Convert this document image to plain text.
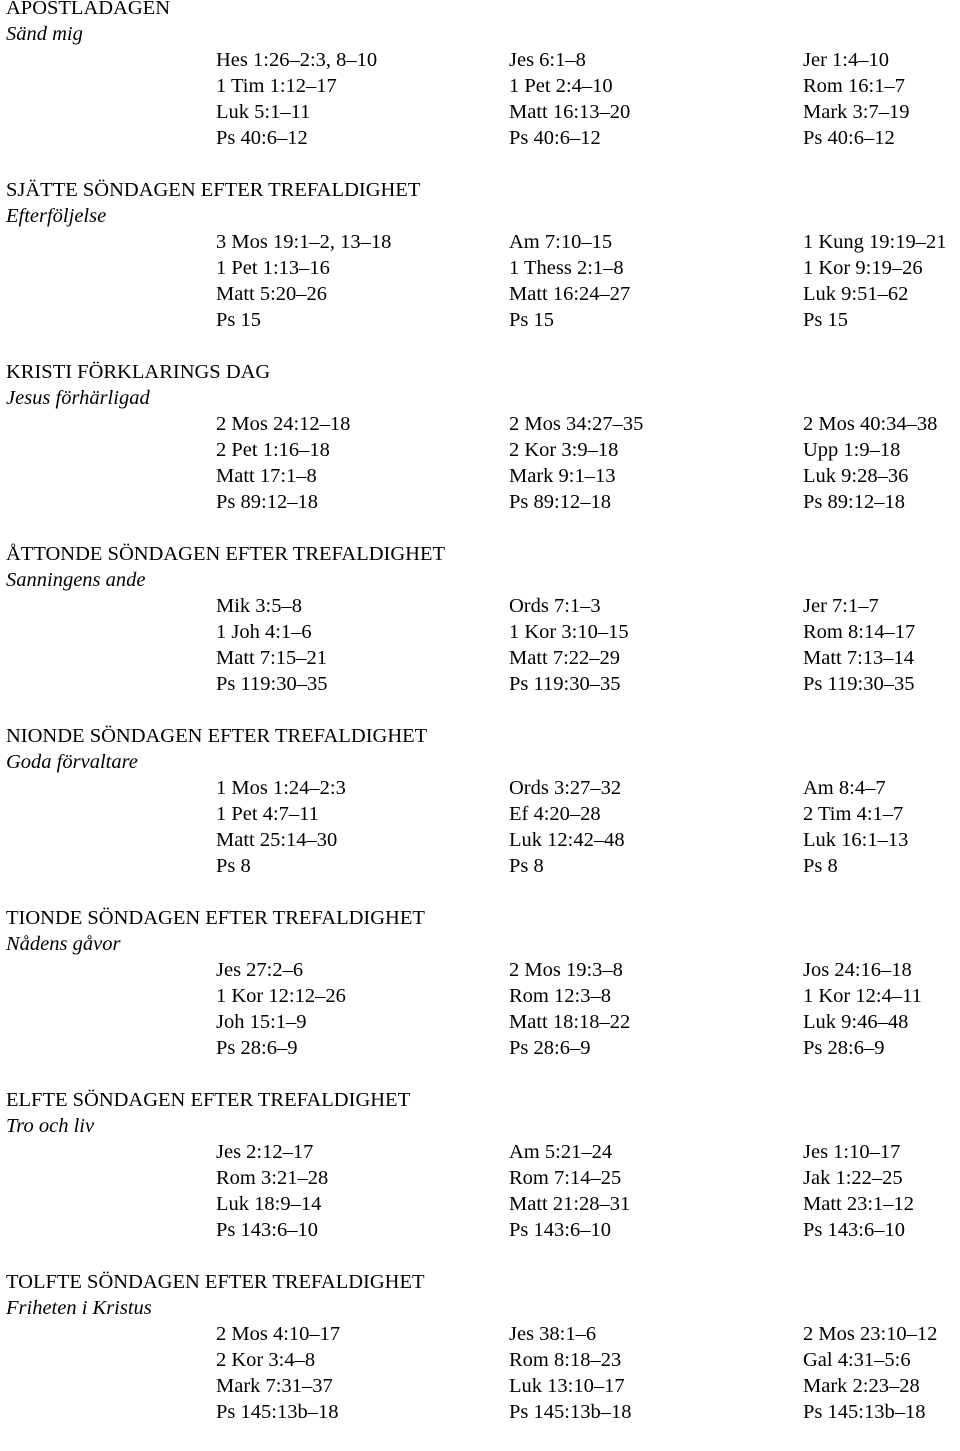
APOSTLADAGEN
Sänd mig
Hes 1:26–2:3, 8–10	Jes 6:1–8	Jer 1:4–10
1 Tim 1:12–17	1 Pet 2:4–10	Rom 16:1–7
Luk 5:1–11	Matt 16:13–20	Mark 3:7–19
Ps 40:6–12	Ps 40:6–12	Ps 40:6–12
SJÄTTE SÖNDAGEN EFTER TREFALDIGHET
Efterföljelse
3 Mos 19:1–2, 13–18	Am 7:10–15	1 Kung 19:19–21
1 Pet 1:13–16	1 Thess 2:1–8	1 Kor 9:19–26
Matt 5:20–26	Matt 16:24–27	Luk 9:51–62
Ps 15	Ps 15	Ps 15
KRISTI FÖRKLARINGS DAG
Jesus förhärligad
2 Mos 24:12–18	2 Mos 34:27–35	2 Mos 40:34–38
2 Pet 1:16–18	2 Kor 3:9–18	Upp 1:9–18
Matt 17:1–8	Mark 9:1–13	Luk 9:28–36
Ps 89:12–18	Ps 89:12–18	Ps 89:12–18
ÅTTONDE SÖNDAGEN EFTER TREFALDIGHET
Sanningens ande
Mik 3:5–8	Ords 7:1–3	Jer 7:1–7
1 Joh 4:1–6	1 Kor 3:10–15	Rom 8:14–17
Matt 7:15–21	Matt 7:22–29	Matt 7:13–14
Ps 119:30–35	Ps 119:30–35	Ps 119:30–35
NIONDE SÖNDAGEN EFTER TREFALDIGHET
Goda förvaltare
1 Mos 1:24–2:3	Ords 3:27–32	Am 8:4–7
1 Pet 4:7–11	Ef 4:20–28	2 Tim 4:1–7
Matt 25:14–30	Luk 12:42–48	Luk 16:1–13
Ps 8	Ps 8	Ps 8
TIONDE SÖNDAGEN EFTER TREFALDIGHET
Nådens gåvor
Jes 27:2–6	2 Mos 19:3–8	Jos 24:16–18
1 Kor 12:12–26	Rom 12:3–8	1 Kor 12:4–11
Joh 15:1–9	Matt 18:18–22	Luk 9:46–48
Ps 28:6–9	Ps 28:6–9	Ps 28:6–9
ELFTE SÖNDAGEN EFTER TREFALDIGHET
Tro och liv
Jes 2:12–17	Am 5:21–24	Jes 1:10–17
Rom 3:21–28	Rom 7:14–25	Jak 1:22–25
Luk 18:9–14	Matt 21:28–31	Matt 23:1–12
Ps 143:6–10	Ps 143:6–10	Ps 143:6–10
TOLFTE SÖNDAGEN EFTER TREFALDIGHET
Friheten i Kristus
2 Mos 4:10–17	Jes 38:1–6	2 Mos 23:10–12
2 Kor 3:4–8	Rom 8:18–23	Gal 4:31–5:6
Mark 7:31–37	Luk 13:10–17	Mark 2:23–28
Ps 145:13b–18	Ps 145:13b–18	Ps 145:13b–18
